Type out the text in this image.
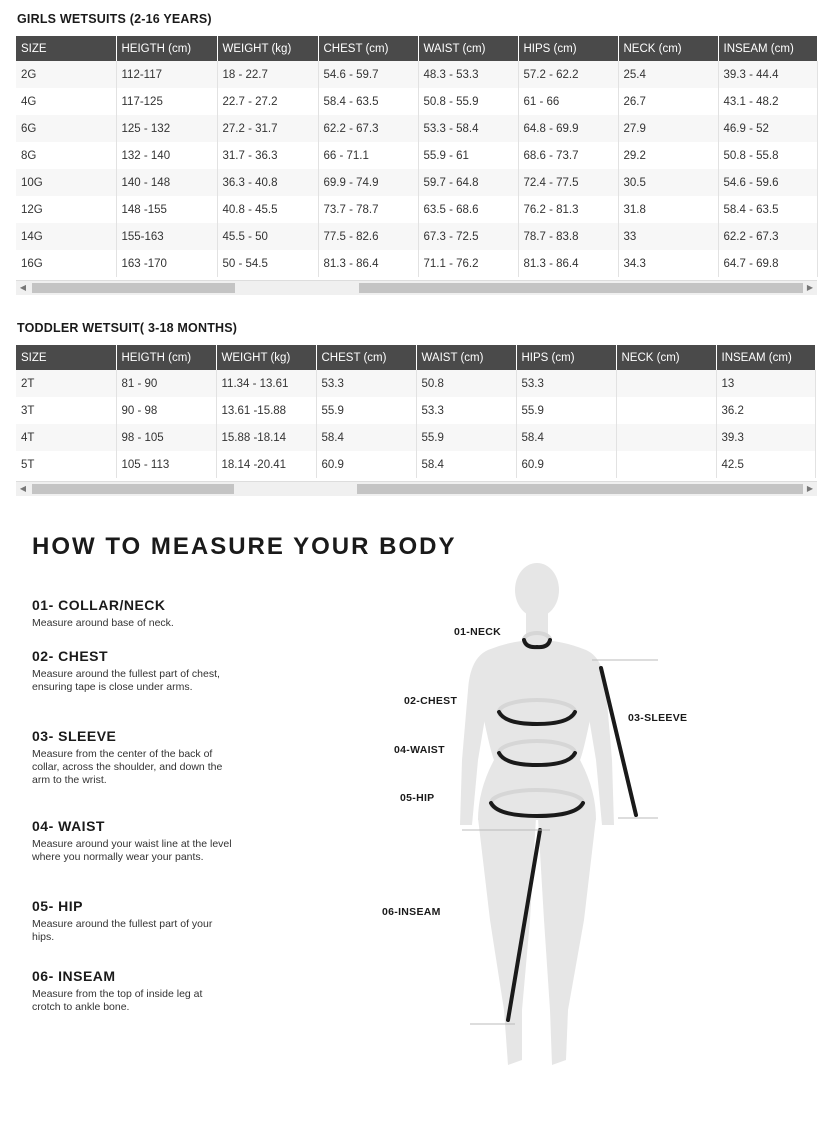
GIRLS WETSUITS (2-16 YEARS)
SIZE	HEIGTH (cm)	WEIGHT (kg)	CHEST (cm)	WAIST (cm)	HIPS (cm)	NECK (cm)	INSEAM (cm)
2G	112-117	18 - 22.7	54.6 - 59.7	48.3 - 53.3	57.2 - 62.2	25.4	39.3 - 44.4
4G	117-125	22.7 - 27.2	58.4 - 63.5	50.8 - 55.9	61 - 66	26.7	43.1 - 48.2
6G	125 - 132	27.2 - 31.7	62.2 - 67.3	53.3 - 58.4	64.8 - 69.9	27.9	46.9 - 52
8G	132 - 140	31.7 - 36.3	66 - 71.1	55.9 - 61	68.6 - 73.7	29.2	50.8 - 55.8
10G	140 - 148	36.3 - 40.8	69.9 - 74.9	59.7 - 64.8	72.4 - 77.5	30.5	54.6 - 59.6
12G	148 -155	40.8 - 45.5	73.7 - 78.7	63.5 - 68.6	76.2 - 81.3	31.8	58.4 - 63.5
14G	155-163	45.5 - 50	77.5 - 82.6	67.3 - 72.5	78.7 - 83.8	33	62.2 - 67.3
16G	163 -170	50 - 54.5	81.3 - 86.4	71.1 - 76.2	81.3 - 86.4	34.3	64.7 - 69.8
◀	▶
TODDLER WETSUIT( 3-18 MONTHS)
SIZE	HEIGTH (cm)	WEIGHT (kg)	CHEST (cm)	WAIST (cm)	HIPS (cm)	NECK (cm)	INSEAM (cm)
2T	81 - 90	11.34 - 13.61	53.3	50.8	53.3		13
3T	90 - 98	13.61 -15.88	55.9	53.3	55.9		36.2
4T	98 - 105	15.88 -18.14	58.4	55.9	58.4		39.3
5T	105 - 113	18.14 -20.41	60.9	58.4	60.9		42.5
◀	▶
HOW TO MEASURE YOUR BODY
01- COLLAR/NECK
Measure around base of neck.
02- CHEST
Measure around the fullest part of chest, ensuring tape is close under arms.
03- SLEEVE
Measure from the center of the back of collar, across the shoulder, and down the arm to the wrist.
04- WAIST
Measure around your waist line at the level where you normally wear your pants.
05- HIP
Measure around the fullest part of your hips.
06- INSEAM
Measure from the top of inside leg at crotch to ankle bone.
01-NECK
02-CHEST
03-SLEEVE
04-WAIST
05-HIP
06-INSEAM
